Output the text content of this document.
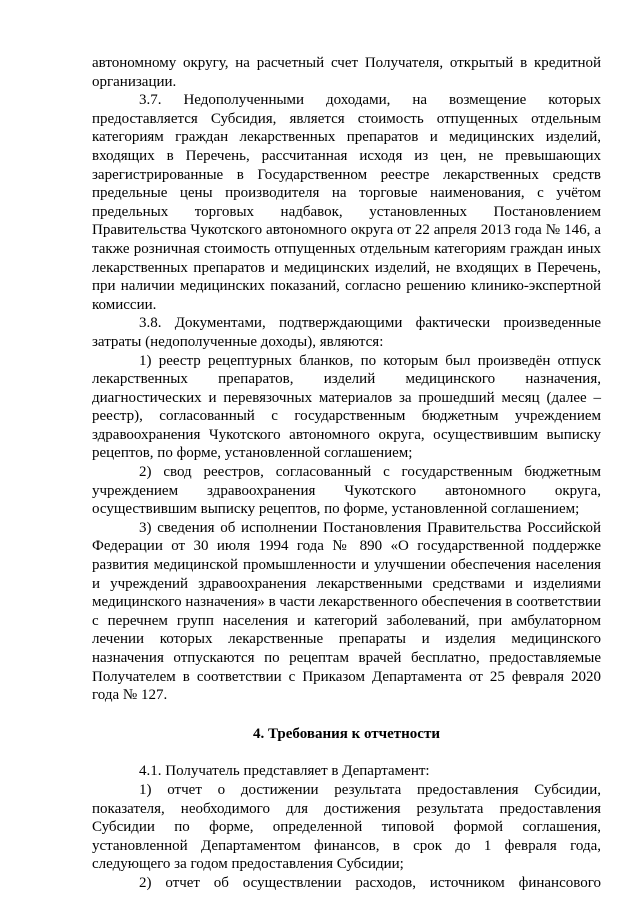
автономному округу, на расчетный счет Получателя, открытый в кредитной организации.

3.7. Недополученными доходами, на возмещение которых предоставляется Субсидия, является стоимость отпущенных отдельным категориям граждан лекарственных препаратов и медицинских изделий, входящих в Перечень, рассчитанная исходя из цен, не превышающих зарегистрированные в Государственном реестре лекарственных средств предельные цены производителя на торговые наименования, с учётом предельных торговых надбавок, установленных Постановлением Правительства Чукотского автономного округа от 22 апреля 2013 года № 146, а также розничная стоимость отпущенных отдельным категориям граждан иных лекарственных препаратов и медицинских изделий, не входящих в Перечень, при наличии медицинских показаний, согласно решению клинико-экспертной комиссии.

3.8. Документами, подтверждающими фактически произведенные затраты (недополученные доходы), являются:

1) реестр рецептурных бланков, по которым был произведён отпуск лекарственных препаратов, изделий медицинского назначения, диагностических и перевязочных материалов за прошедший месяц (далее – реестр), согласованный с государственным бюджетным учреждением здравоохранения Чукотского автономного округа, осуществившим выписку рецептов, по форме, установленной соглашением;

2) свод реестров, согласованный с государственным бюджетным учреждением здравоохранения Чукотского автономного округа, осуществившим выписку рецептов, по форме, установленной соглашением;

3) сведения об исполнении Постановления Правительства Российской Федерации от 30 июля 1994 года № 890 «О государственной поддержке развития медицинской промышленности и улучшении обеспечения населения и учреждений здравоохранения лекарственными средствами и изделиями медицинского назначения» в части лекарственного обеспечения в соответствии с перечнем групп населения и категорий заболеваний, при амбулаторном лечении которых лекарственные препараты и изделия медицинского назначения отпускаются по рецептам врачей бесплатно, предоставляемые Получателем в соответствии с Приказом Департамента от 25 февраля 2020 года № 127.

4. Требования к отчетности

4.1. Получатель представляет в Департамент:

1) отчет о достижении результата предоставления Субсидии, показателя, необходимого для достижения результата предоставления Субсидии по форме, определенной типовой формой соглашения, установленной Департаментом финансов, в срок до 1 февраля года, следующего за годом предоставления Субсидии;

2) отчет об осуществлении расходов, источником финансового
